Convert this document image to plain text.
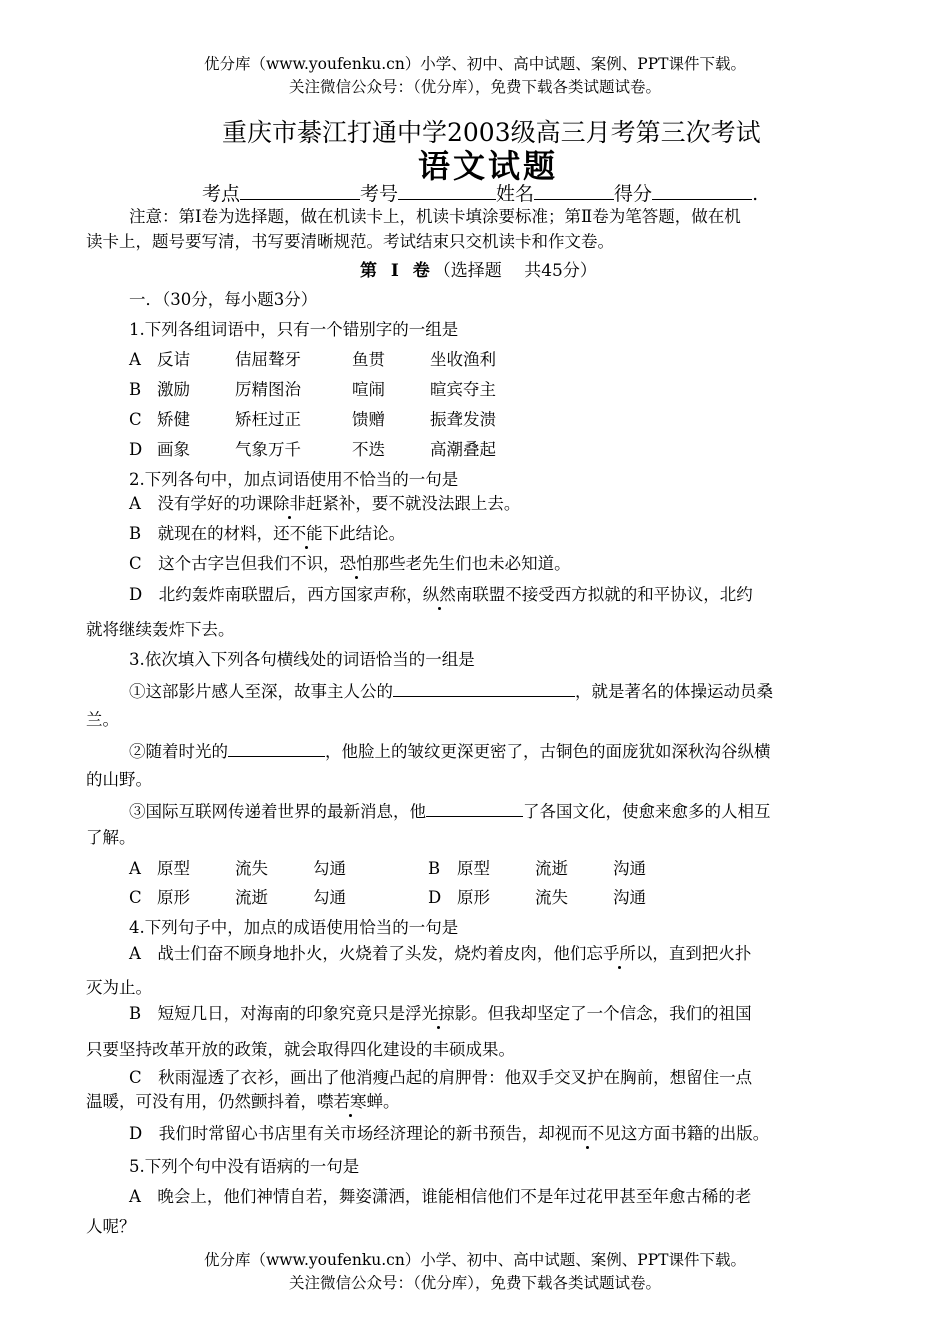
优分库（www.youfenku.cn）小学、初中、高中试题、案例、PPT课件下载。
关注微信公众号：（优分库），免费下载各类试题试卷。
重庆市綦江打通中学2003级高三月考第三次考试
语文试题
考点	考号	姓名	得分	.
注意：第Ⅰ卷为选择题，做在机读卡上，机读卡填涂要标准；第Ⅱ卷为笔答题，做在机
读卡上，题号要写清，书写要清晰规范。考试结束只交机读卡和作文卷。
第 Ⅰ 卷（选择题　 共45分）
一．（30分，每小题3分）
1.下列各组词语中，只有一个错别字的一组是
A 反诘	佶屈聱牙	鱼贯	坐收渔利
B 激励	厉精图治	喧闹	暄宾夺主
C 矫健	矫枉过正	馈赠	振聋发溃
D 画象	气象万千	不迭	高潮叠起
2.下列各句中，加点词语使用不恰当的一句是
A　没有学好的功课除非赶紧补，要不就没法跟上去。
B　就现在的材料，还不能下此结论。
C　这个古字岂但我们不识，恐怕那些老先生们也未必知道。
D　北约轰炸南联盟后，西方国家声称，纵然南联盟不接受西方拟就的和平协议，北约
就将继续轰炸下去。
3.依次填入下列各句横线处的词语恰当的一组是
①这部影片感人至深，故事主人公的	，就是著名的体操运动员桑
兰。
②随着时光的	，他脸上的皱纹更深更密了，古铜色的面庞犹如深秋沟谷纵横
的山野。
③国际互联网传递着世界的最新消息，他	了各国文化，使愈来愈多的人相互
了解。
A 原型	流失	勾通	B 原型	流逝	沟通
C 原形	流逝	勾通	D 原形	流失	沟通
4.下列句子中，加点的成语使用恰当的一句是
A　战士们奋不顾身地扑火，火烧着了头发，烧灼着皮肉，他们忘乎所以，直到把火扑
灭为止。
B　短短几日，对海南的印象究竟只是浮光掠影。但我却坚定了一个信念，我们的祖国
只要坚持改革开放的政策，就会取得四化建设的丰硕成果。
C　秋雨湿透了衣衫，画出了他消瘦凸起的肩胛骨：他双手交叉护在胸前，想留住一点
温暖，可没有用，仍然颤抖着，噤若寒蝉。
D　我们时常留心书店里有关市场经济理论的新书预告，却视而不见这方面书籍的出版。
5.下列个句中没有语病的一句是
A　晚会上，他们神情自若，舞姿潇洒，谁能相信他们不是年过花甲甚至年愈古稀的老
人呢？
优分库（www.youfenku.cn）小学、初中、高中试题、案例、PPT课件下载。
关注微信公众号：（优分库），免费下载各类试题试卷。
